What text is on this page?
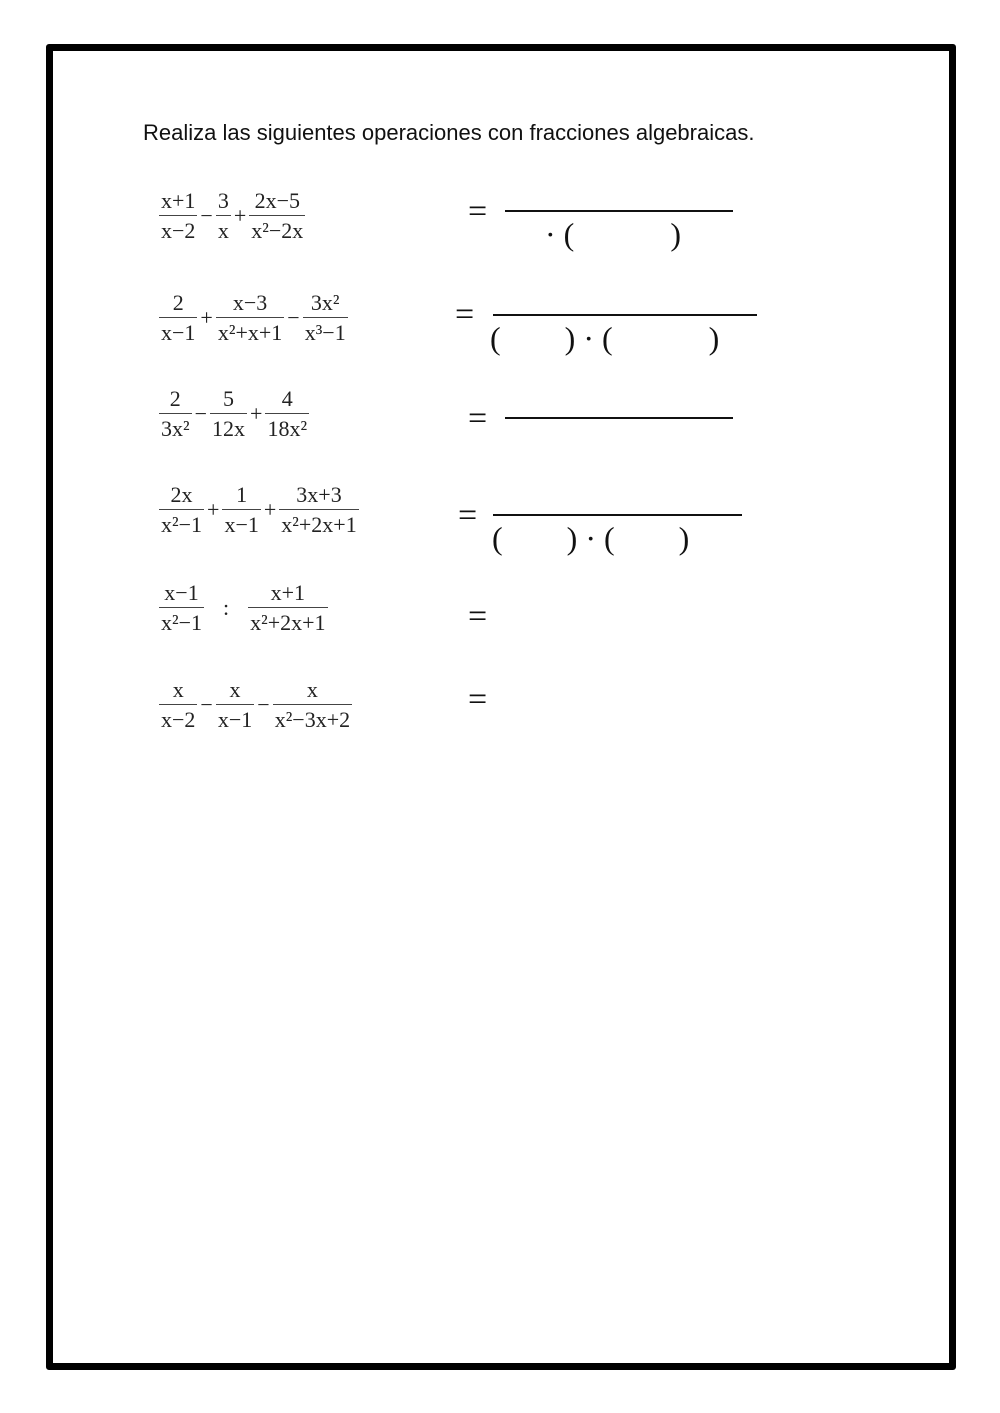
Realiza las siguientes operaciones con fracciones algebraicas.

$\frac{x+1}{x-2} - \frac{3}{x} + \frac{2x-5}{\text{x²−2x}}$	=
· (            )
$\frac{2}{x-1} + \frac{x-3}{\text{x²+x+1}} - \frac{\text{3x²}}{\text{x³−1}}$	=
(        ) · (            )
$\frac{2}{\text{3x²}} - \frac{5}{12x} + \frac{4}{\text{18x²}}$	=
$\frac{2x}{\text{x²−1}} + \frac{1}{x-1} + \frac{3x+3}{\text{x²+2x+1}}$	=
(        ) · (        )
$\frac{x-1}{\text{x²−1}}$ : $\frac{x+1}{\text{x²+2x+1}}$	=
$\frac{x}{x-2} - \frac{x}{x-1} - \frac{x}{\text{x²−3x+2}}$	=
